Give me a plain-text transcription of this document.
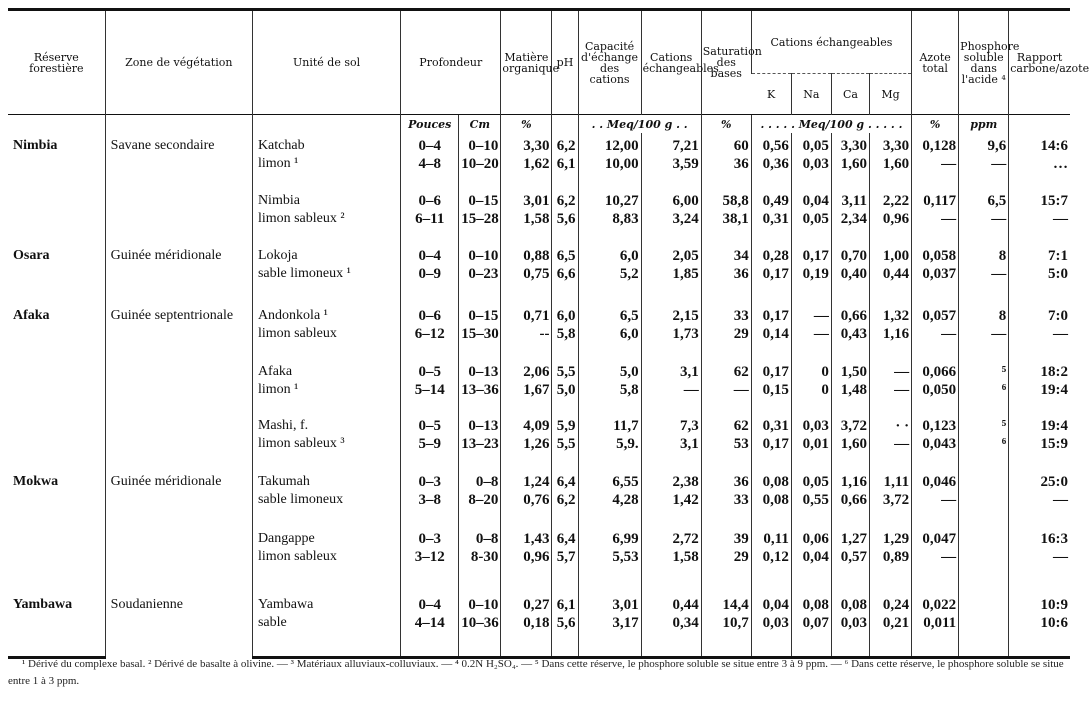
Réserve forestière	Zone de végétation	Unité de sol	Profondeur		Matière organique	pH	Capacité d'échange des cations	Cations échangeables	Saturation des bases	Cations échangeables				Azote total	Phosphore soluble dans l'acide ⁴	Rapport carbone/azote
										K	Na	Ca	Mg			
			Pouces	Cm	%		. . Meq/100 g . .		%	. . . . . Meq/100 g . . . . .				%	ppm	
Nimbia	Savane secondaire	Katchab	0–4	0–10	3,30	6,2	12,00	7,21	60	0,56	0,05	3,30	3,30	0,128	9,6	14:6
		limon ¹	4–8	10–20	1,62	6,1	10,00	3,59	36	0,36	0,03	1,60	1,60	—	—	…
		Nimbia	0–6	0–15	3,01	6,2	10,27	6,00	58,8	0,49	0,04	3,11	2,22	0,117	6,5	15:7
		limon sableux ²	6–11	15–28	1,58	5,6	8,83	3,24	38,1	0,31	0,05	2,34	0,96	—	—	—
Osara	Guinée méridionale	Lokoja	0–4	0–10	0,88	6,5	6,0	2,05	34	0,28	0,17	0,70	1,00	0,058	8	7:1
		sable limoneux ¹	0–9	0–23	0,75	6,6	5,2	1,85	36	0,17	0,19	0,40	0,44	0,037	—	5:0
Afaka	Guinée septentrionale	Andonkola ¹	0–6	0–15	0,71	6,0	6,5	2,15	33	0,17	—	0,66	1,32	0,057	8	7:0
		limon sableux	6–12	15–30	--	5,8	6,0	1,73	29	0,14	—	0,43	1,16	—	—	—
		Afaka	0–5	0–13	2,06	5,5	5,0	3,1	62	0,17	0	1,50	—	0,066	⁵	18:2
		limon ¹	5–14	13–36	1,67	5,0	5,8	—	—	0,15	0	1,48	—	0,050	⁶	19:4
		Mashi, f.	0–5	0–13	4,09	5,9	11,7	7,3	62	0,31	0,03	3,72	· ·	0,123	⁵	19:4
		limon sableux ³	5–9	13–23	1,26	5,5	5,9.	3,1	53	0,17	0,01	1,60	—	0,043	⁶	15:9
Mokwa	Guinée méridionale	Takumah	0–3	0–8	1,24	6,4	6,55	2,38	36	0,08	0,05	1,16	1,11	0,046		25:0
		sable limoneux	3–8	8–20	0,76	6,2	4,28	1,42	33	0,08	0,55	0,66	3,72	—		—
		Dangappe	0–3	0–8	1,43	6,4	6,99	2,72	39	0,11	0,06	1,27	1,29	0,047		16:3
		limon sableux	3–12	8-30	0,96	5,7	5,53	1,58	29	0,12	0,04	0,57	0,89	—		—
Yambawa	Soudanienne	Yambawa	0–4	0–10	0,27	6,1	3,01	0,44	14,4	0,04	0,08	0,08	0,24	0,022		10:9
		sable	4–14	10–36	0,18	5,6	3,17	0,34	10,7	0,03	0,07	0,03	0,21	0,011		10:6
¹ Dérivé du complexe basal. ² Dérivé de basalte à olivine. — ³ Matériaux alluviaux-colluviaux. — ⁴ 0.2N H₂SO₄. — ⁵ Dans cette réserve, le phosphore soluble se situe entre 3 à 9 ppm. — ⁶ Dans cette réserve, le phosphore soluble se situe entre 1 à 3 ppm.
